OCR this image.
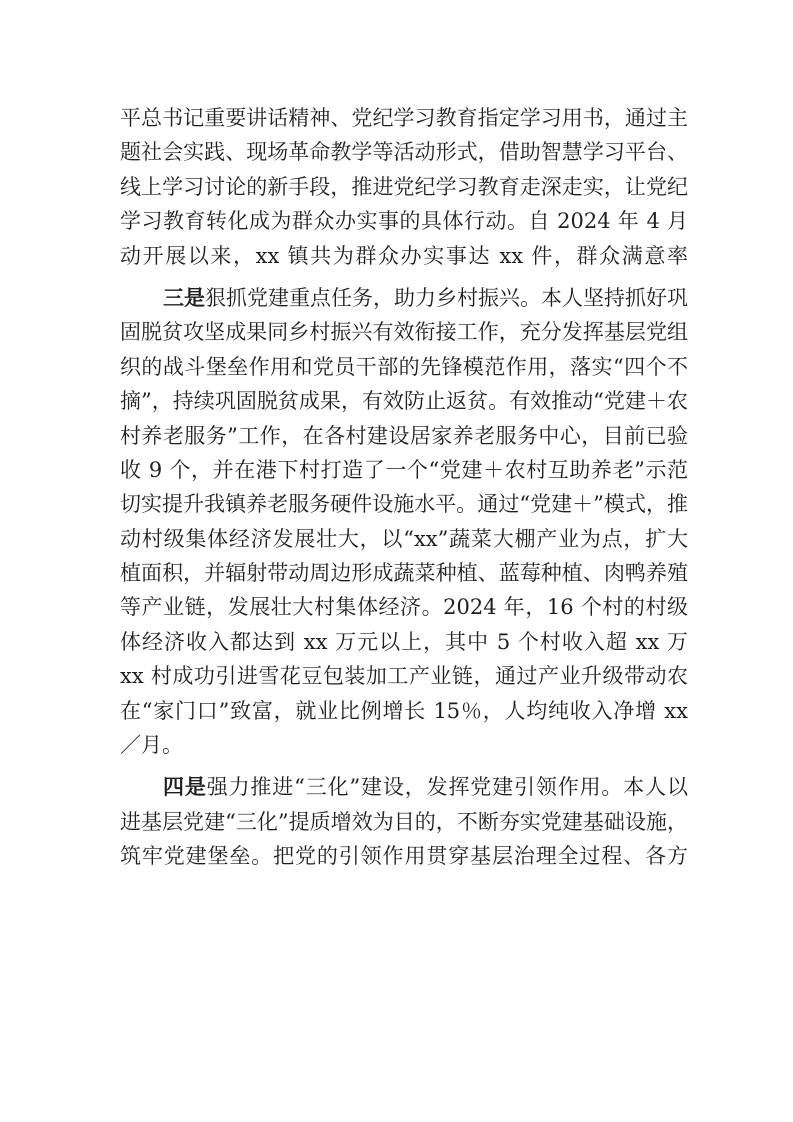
平总书记重要讲话精神、党纪学习教育指定学习用书，通过主
题社会实践、现场革命教学等活动形式，借助智慧学习平台、
线上学习讨论的新手段，推进党纪学习教育走深走实，让党纪
学习教育转化成为群众办实事的具体行动。自 2024 年 4 月
动开展以来，xx 镇共为群众办实事达 xx 件，群众满意率
三是狠抓党建重点任务，助力乡村振兴。本人坚持抓好巩
固脱贫攻坚成果同乡村振兴有效衔接工作，充分发挥基层党组
织的战斗堡垒作用和党员干部的先锋模范作用，落实“四个不
摘”，持续巩固脱贫成果，有效防止返贫。有效推动“党建＋农
村养老服务”工作，在各村建设居家养老服务中心，目前已验
收 9 个，并在港下村打造了一个“党建＋农村互助养老”示范
切实提升我镇养老服务硬件设施水平。通过“党建＋”模式，推
动村级集体经济发展壮大，以“xx”蔬菜大棚产业为点，扩大
植面积，并辐射带动周边形成蔬菜种植、蓝莓种植、肉鸭养殖
等产业链，发展壮大村集体经济。2024 年，16 个村的村级
体经济收入都达到 xx 万元以上，其中 5 个村收入超 xx 万
xx 村成功引进雪花豆包装加工产业链，通过产业升级带动农
在“家门口”致富，就业比例增长 15％，人均纯收入净增 xx
／月。
四是强力推进“三化”建设，发挥党建引领作用。本人以
进基层党建“三化”提质增效为目的，不断夯实党建基础设施，
筑牢党建堡垒。把党的引领作用贯穿基层治理全过程、各方
